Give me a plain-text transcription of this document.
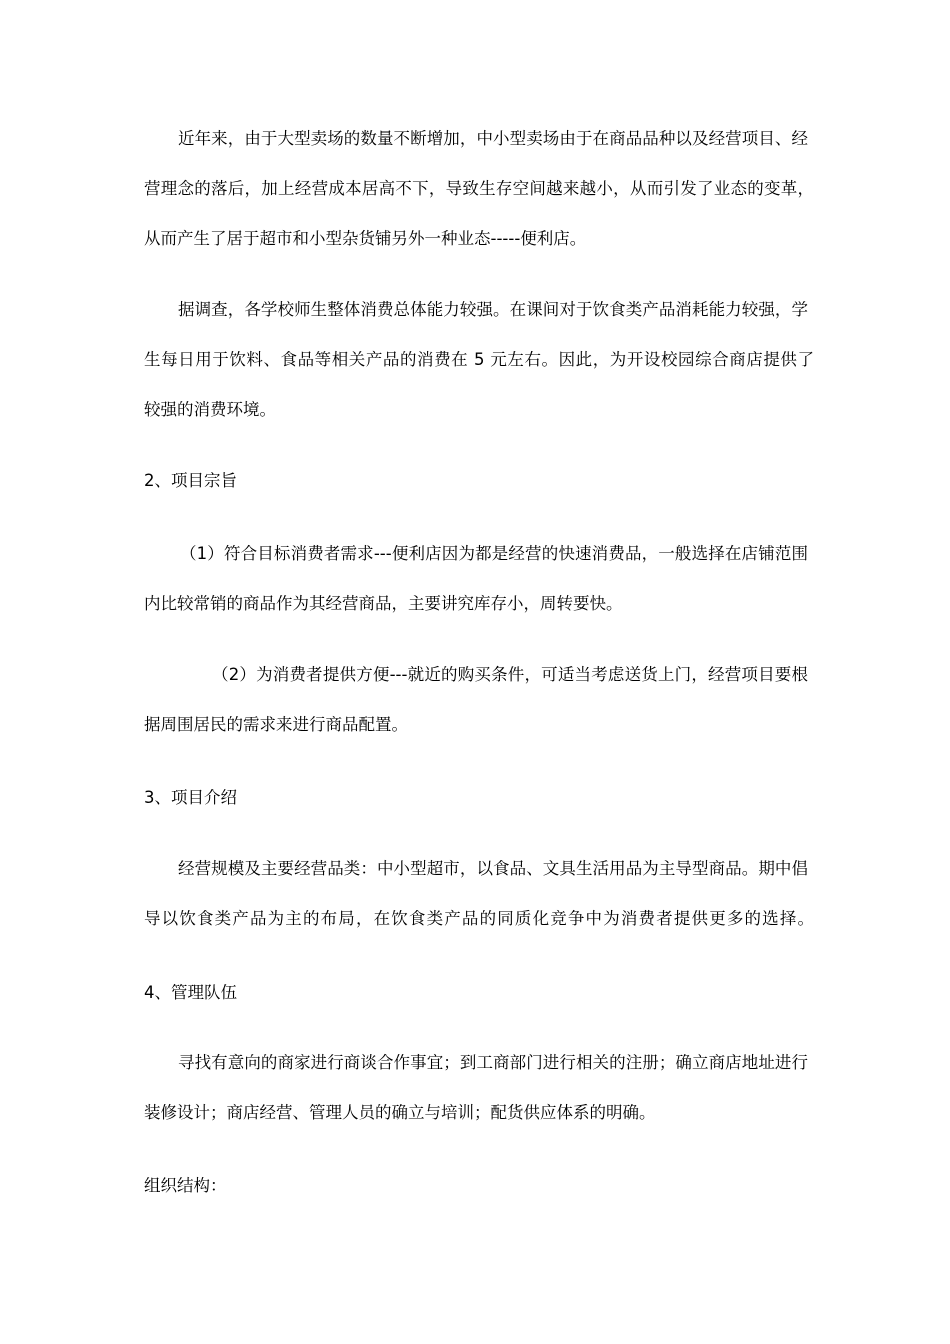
近年来，由于大型卖场的数量不断增加，中小型卖场由于在商品品种以及经营项目、经
营理念的落后，加上经营成本居高不下，导致生存空间越来越小，从而引发了业态的变革，
从而产生了居于超市和小型杂货铺另外一种业态-----便利店。
据调查，各学校师生整体消费总体能力较强。在课间对于饮食类产品消耗能力较强，学
生每日用于饮料、食品等相关产品的消费在 5 元左右。因此，为开设校园综合商店提供了
较强的消费环境。
2、项目宗旨
（1）符合目标消费者需求---便利店因为都是经营的快速消费品，一般选择在店铺范围
内比较常销的商品作为其经营商品，主要讲究库存小，周转要快。
（2）为消费者提供方便---就近的购买条件，可适当考虑送货上门，经营项目要根
据周围居民的需求来进行商品配置。
3、项目介绍
经营规模及主要经营品类：中小型超市，以食品、文具生活用品为主导型商品。期中倡
导以饮食类产品为主的布局，在饮食类产品的同质化竞争中为消费者提供更多的选择。
4、管理队伍
寻找有意向的商家进行商谈合作事宜；到工商部门进行相关的注册；确立商店地址进行
装修设计；商店经营、管理人员的确立与培训；配货供应体系的明确。
组织结构：
